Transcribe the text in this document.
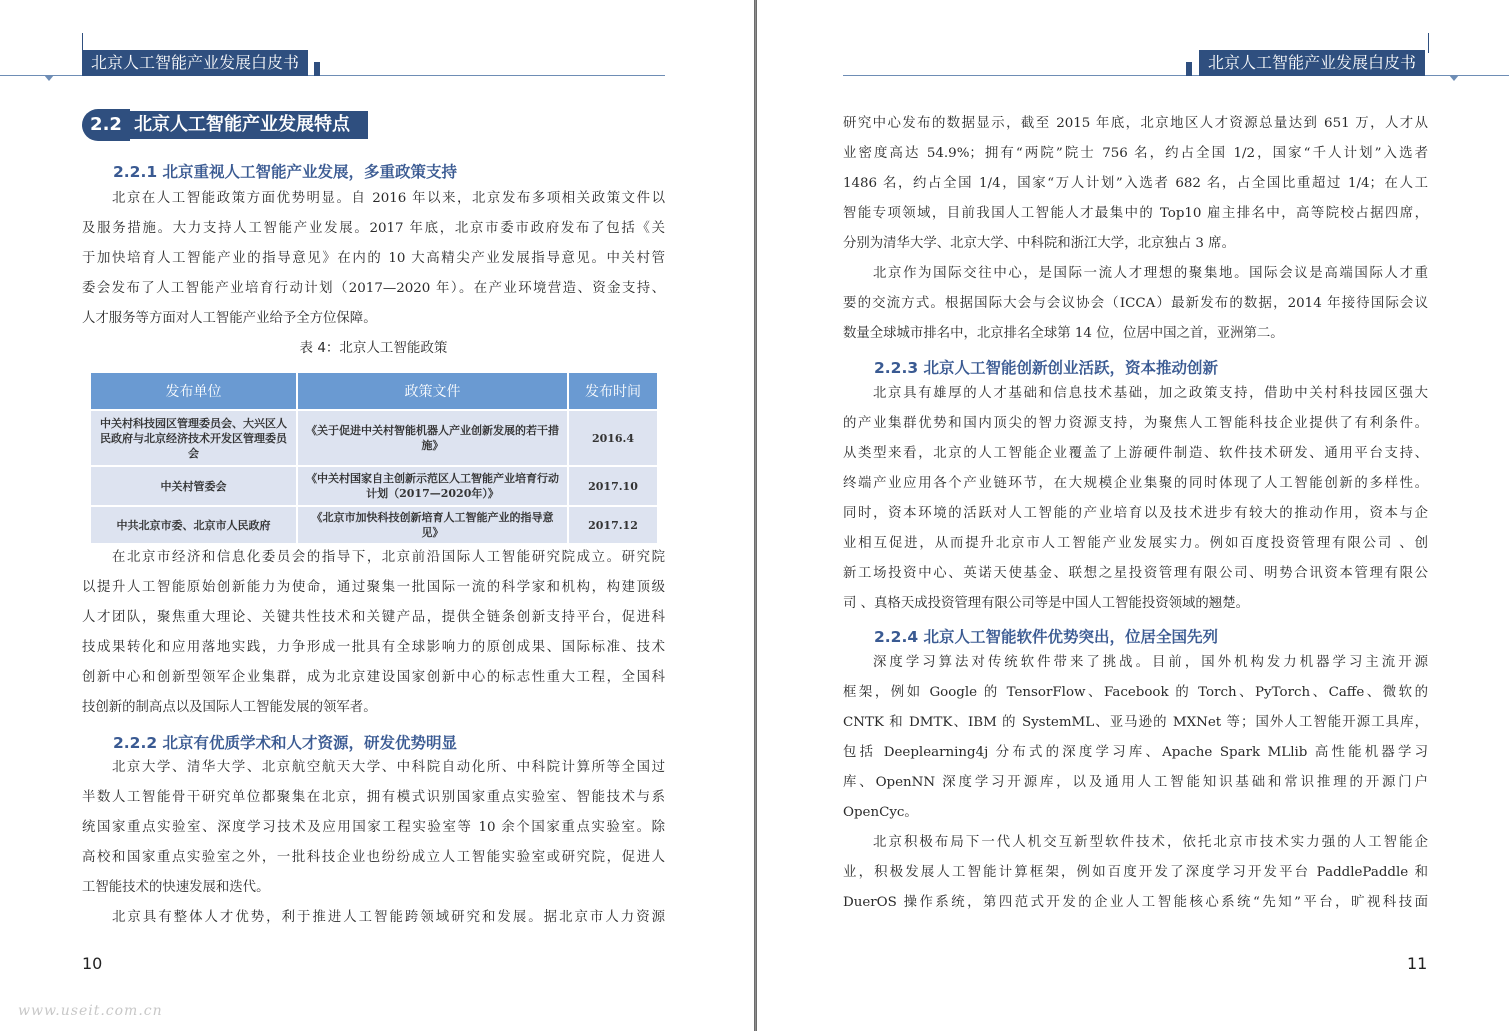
北京人工智能产业发展白皮书
2.2 北京人工智能产业发展特点
2.2.1 北京重视人工智能产业发展，多重政策支持
北京在人工智能政策方面优势明显。自 2016 年以来，北京发布多项相关政策文件以
及服务措施。大力支持人工智能产业发展。2017 年底，北京市委市政府发布了包括《关
于加快培育人工智能产业的指导意见》在内的 10 大高精尖产业发展指导意见。中关村管
委会发布了人工智能产业培育行动计划（2017—2020 年）。在产业环境营造、资金支持、
人才服务等方面对人工智能产业给予全方位保障。
表 4：北京人工智能政策
发布单位	政策文件	发布时间
中关村科技园区管理委员会、大兴区人民政府与北京经济技术开发区管理委员会	《关于促进中关村智能机器人产业创新发展的若干措施》	2016.4
中关村管委会	《中关村国家自主创新示范区人工智能产业培育行动计划（2017—2020年）》	2017.10
中共北京市委、北京市人民政府	《北京市加快科技创新培育人工智能产业的指导意见》	2017.12
在北京市经济和信息化委员会的指导下，北京前沿国际人工智能研究院成立。研究院
以提升人工智能原始创新能力为使命，通过聚集一批国际一流的科学家和机构，构建顶级
人才团队，聚焦重大理论、关键共性技术和关键产品，提供全链条创新支持平台，促进科
技成果转化和应用落地实践，力争形成一批具有全球影响力的原创成果、国际标准、技术
创新中心和创新型领军企业集群，成为北京建设国家创新中心的标志性重大工程，全国科
技创新的制高点以及国际人工智能发展的领军者。
2.2.2 北京有优质学术和人才资源，研发优势明显
北京大学、清华大学、北京航空航天大学、中科院自动化所、中科院计算所等全国过
半数人工智能骨干研究单位都聚集在北京，拥有模式识别国家重点实验室、智能技术与系
统国家重点实验室、深度学习技术及应用国家工程实验室等 10 余个国家重点实验室。除
高校和国家重点实验室之外，一批科技企业也纷纷成立人工智能实验室或研究院，促进人
工智能技术的快速发展和迭代。
北京具有整体人才优势，利于推进人工智能跨领域研究和发展。据北京市人力资源
10
www.useit.com.cn
北京人工智能产业发展白皮书
研究中心发布的数据显示，截至 2015 年底，北京地区人才资源总量达到 651 万，人才从
业密度高达 54.9%；拥有“两院”院士 756 名，约占全国 1/2，国家“千人计划”入选者
1486 名，约占全国 1/4，国家“万人计划”入选者 682 名，占全国比重超过 1/4；在人工
智能专项领域，目前我国人工智能人才最集中的 Top10 雇主排名中，高等院校占据四席，
分别为清华大学、北京大学、中科院和浙江大学，北京独占 3 席。
北京作为国际交往中心，是国际一流人才理想的聚集地。国际会议是高端国际人才重
要的交流方式。根据国际大会与会议协会（ICCA）最新发布的数据，2014 年接待国际会议
数量全球城市排名中，北京排名全球第 14 位，位居中国之首，亚洲第二。
2.2.3 北京人工智能创新创业活跃，资本推动创新
北京具有雄厚的人才基础和信息技术基础，加之政策支持，借助中关村科技园区强大
的产业集群优势和国内顶尖的智力资源支持，为聚焦人工智能科技企业提供了有利条件。
从类型来看，北京的人工智能企业覆盖了上游硬件制造、软件技术研发、通用平台支持、
终端产业应用各个产业链环节，在大规模企业集聚的同时体现了人工智能创新的多样性。
同时，资本环境的活跃对人工智能的产业培育以及技术进步有较大的推动作用，资本与企
业相互促进，从而提升北京市人工智能产业发展实力。例如百度投资管理有限公司 、创
新工场投资中心、英诺天使基金、联想之星投资管理有限公司、明势合讯资本管理有限公
司 、真格天成投资管理有限公司等是中国人工智能投资领域的翘楚。
2.2.4 北京人工智能软件优势突出，位居全国先列
深度学习算法对传统软件带来了挑战。目前，国外机构发力机器学习主流开源
框架，例如 Google 的 TensorFlow、Facebook 的 Torch、PyTorch、Caffe、微软的
CNTK 和 DMTK、IBM 的 SystemML、亚马逊的 MXNet 等；国外人工智能开源工具库，
包括 Deeplearning4j 分布式的深度学习库、Apache Spark MLlib 高性能机器学习
库、OpenNN 深度学习开源库，以及通用人工智能知识基础和常识推理的开源门户
OpenCyc。
北京积极布局下一代人机交互新型软件技术，依托北京市技术实力强的人工智能企
业，积极发展人工智能计算框架，例如百度开发了深度学习开发平台 PaddlePaddle 和
DuerOS 操作系统，第四范式开发的企业人工智能核心系统“先知”平台，旷视科技面
11
